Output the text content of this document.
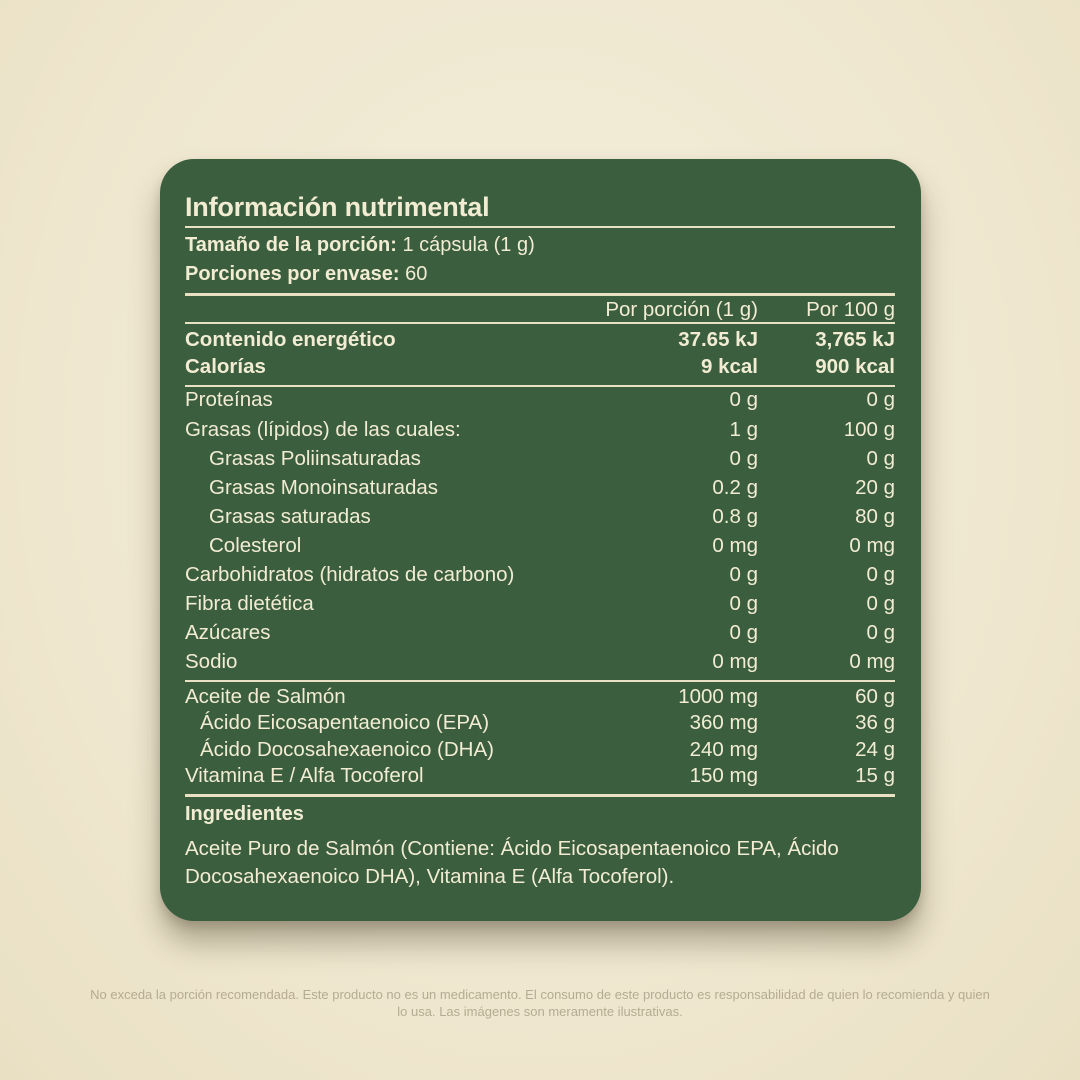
Información nutrimental
Tamaño de la porción: 1 cápsula (1 g)
Porciones por envase: 60
Por porción (1 g) Por 100 g
Contenido energético	37.65 kJ	3,765 kJ
Calorías	9 kcal	900 kcal
Proteínas	0 g	0 g
Grasas (lípidos) de las cuales:	1 g	100 g
Grasas Poliinsaturadas	0 g	0 g
Grasas Monoinsaturadas	0.2 g	20 g
Grasas saturadas	0.8 g	80 g
Colesterol	0 mg	0 mg
Carbohidratos (hidratos de carbono)	0 g	0 g
Fibra dietética	0 g	0 g
Azúcares	0 g	0 g
Sodio	0 mg	0 mg
Aceite de Salmón	1000 mg	60 g
Ácido Eicosapentaenoico (EPA)	360 mg	36 g
Ácido Docosahexaenoico (DHA)	240 mg	24 g
Vitamina E / Alfa Tocoferol	150 mg	15 g
Ingredientes
Aceite Puro de Salmón (Contiene: Ácido Eicosapentaenoico EPA, Ácido Docosahexaenoico DHA), Vitamina E (Alfa Tocoferol).
No exceda la porción recomendada. Este producto no es un medicamento. El consumo de este producto es responsabilidad de quien lo recomienda y quien lo usa. Las imágenes son meramente ilustrativas.
